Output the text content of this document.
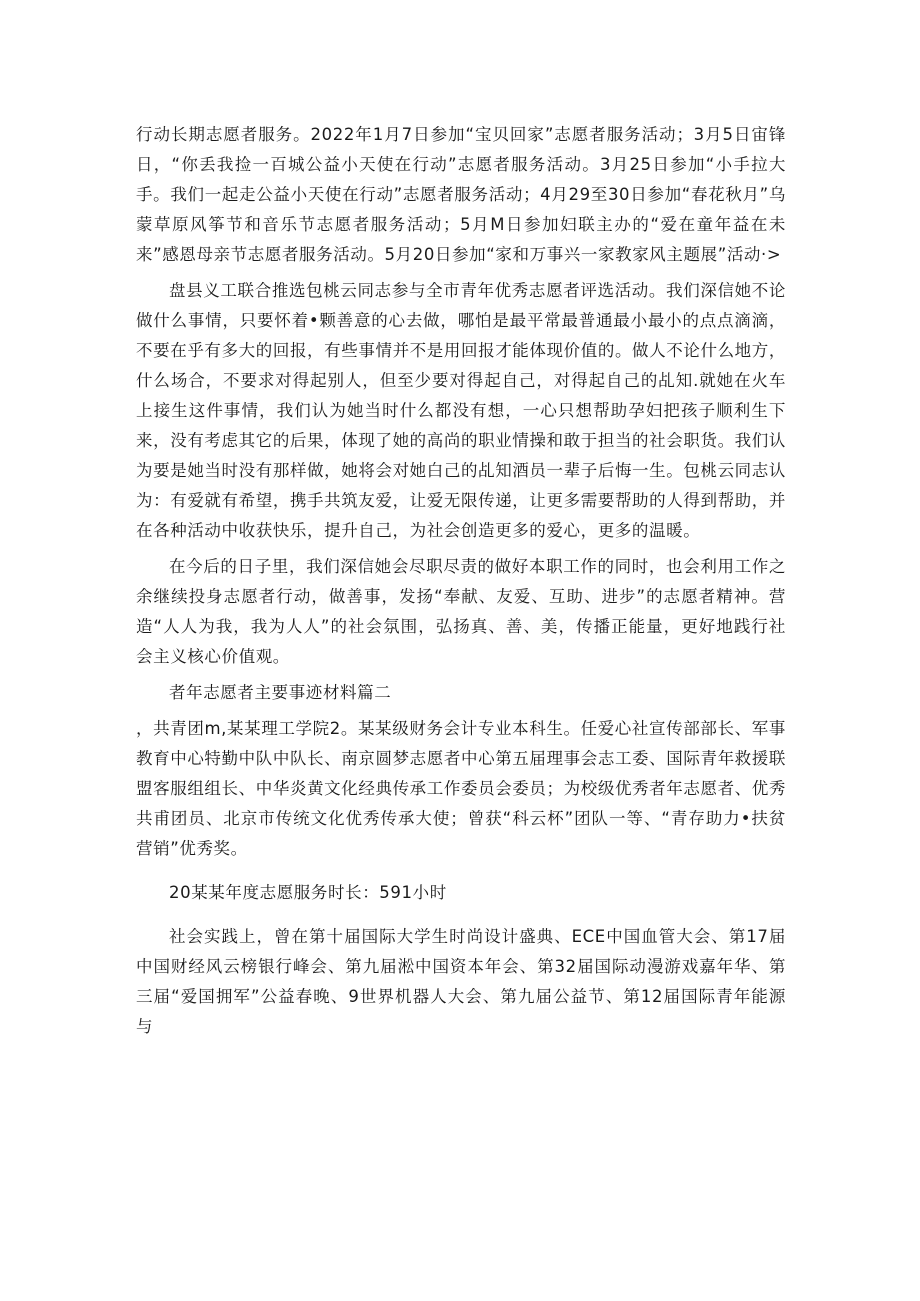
行动长期志愿者服务。2022年1月7日参加“宝贝回家”志愿者服务活动；3月5日宙锋日，“你丢我捡一百城公益小天使在行动”志愿者服务活动。3月25日参加“小手拉大手。我们一起走公益小天使在行动”志愿者服务活动；4月29至30日参加“春花秋月”乌蒙草原风筝节和音乐节志愿者服务活动；5月M日参加妇联主办的“爱在童年益在未来”感恩母亲节志愿者服务活动。5月20日参加“家和万事兴一家教家风主题展”活动·>

盘县义工联合推选包桃云同志参与全市青年优秀志愿者评选活动。我们深信她不论做什么事情，只要怀着•颗善意的心去做，哪怕是最平常最普通最小最小的点点滴滴，不要在乎有多大的回报，有些事情并不是用回报才能体现价值的。做人不论什么地方，什么场合，不要求对得起别人，但至少要对得起自己，对得起自己的乩知.就她在火车上接生这件事情，我们认为她当时什么都没有想，一心只想帮助孕妇把孩子顺利生下来，没有考虑其它的后果，体现了她的高尚的职业情操和敢于担当的社会职货。我们认为要是她当时没有那样做，她将会对她白己的乩知酒员一辈子后悔一生。包桃云同志认为：有爱就有希望，携手共筑友爱，让爱无限传递，让更多需要帮助的人得到帮助，并在各种活动中收获快乐，提升自己，为社会创造更多的爱心，更多的温暖。

在今后的日子里，我们深信她会尽职尽责的做好本职工作的同时，也会利用工作之余继续投身志愿者行动，做善事，发扬“奉献、友爱、互助、进步”的志愿者精神。营造“人人为我，我为人人”的社会氛围，弘扬真、善、美，传播正能量，更好地践行社会主义核心价值观。

者年志愿者主要事迹材料篇二

，共青团m,某某理工学院2。某某级财务会计专业本科生。任爱心社宣传部部长、军事教育中心特勤中队中队长、南京圆梦志愿者中心第五届理事会志工委、国际青年救援联盟客服组组长、中华炎黄文化经典传承工作委员会委员；为校级优秀者年志愿者、优秀共甫团员、北京市传统文化优秀传承大使；曾获“科云杯”团队一等、“青存助力•扶贫营销”优秀奖。

20某某年度志愿服务时长：591小时

社会实践上，曾在第十届国际大学生时尚设计盛典、ECE中国血管大会、第17届中国财经风云榜银行峰会、第九届淞中国资本年会、第32届国际动漫游戏嘉年华、第三届“爱国拥军”公益春晚、9世界机器人大会、第九届公益节、第12届国际青年能源与
